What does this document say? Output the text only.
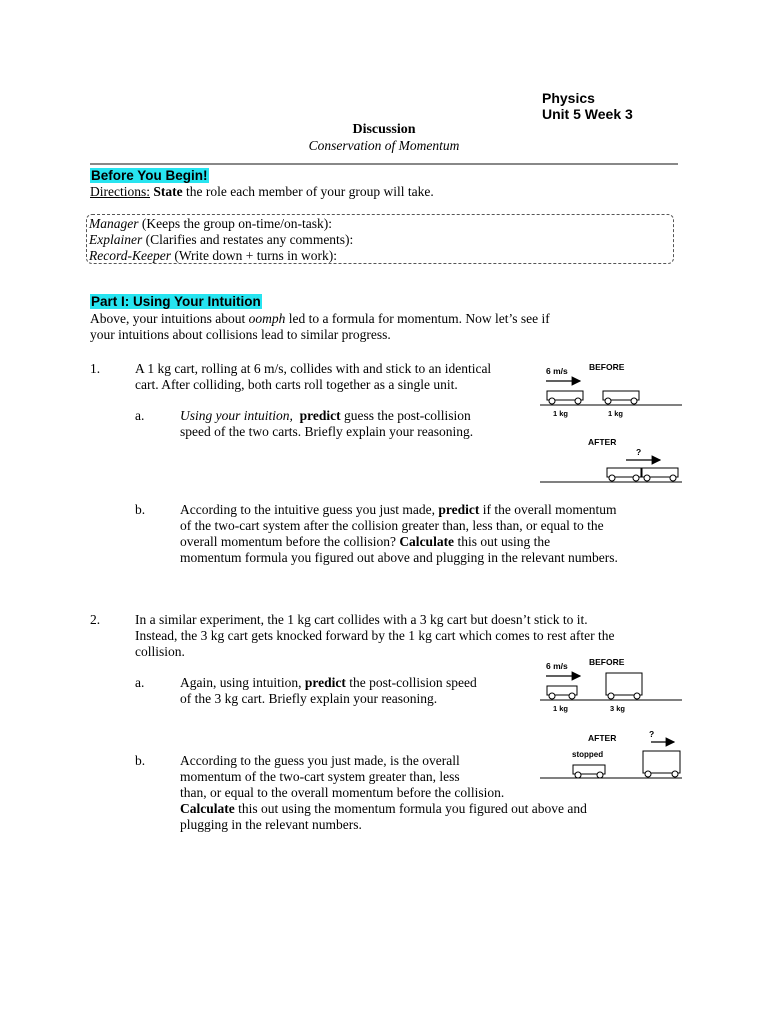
Physics
Unit 5 Week 3
Discussion
Conservation of Momentum
Before You Begin!
Directions: State the role each member of your group will take.
Manager (Keeps the group on-time/on-task):
Explainer (Clarifies and restates any comments):
Record-Keeper (Write down + turns in work):
Part I: Using Your Intuition
Above, your intuitions about oomph led to a formula for momentum. Now let’s see if
your intuitions about collisions lead to similar progress.
1.	A 1 kg cart, rolling at 6 m/s, collides with and stick to an identical
cart. After colliding, both carts roll together as a single unit.
a.	Using your intuition, predict guess the post-collision
speed of the two carts. Briefly explain your reasoning.
b.	According to the intuitive guess you just made, predict if the overall momentum
of the two-cart system after the collision greater than, less than, or equal to the
overall momentum before the collision? Calculate this out using the
momentum formula you figured out above and plugging in the relevant numbers.
2.	In a similar experiment, the 1 kg cart collides with a 3 kg cart but doesn’t stick to it.
Instead, the 3 kg cart gets knocked forward by the 1 kg cart which comes to rest after the
collision.
a.	Again, using intuition, predict the post-collision speed
of the 3 kg cart. Briefly explain your reasoning.
b.	According to the guess you just made, is the overall
momentum of the two-cart system greater than, less
than, or equal to the overall momentum before the collision.
Calculate this out using the momentum formula you figured out above and
plugging in the relevant numbers.
6 m/s	BEFORE
1 kg	1 kg
AFTER
?
6 m/s	BEFORE
1 kg	3 kg
AFTER	?
stopped
